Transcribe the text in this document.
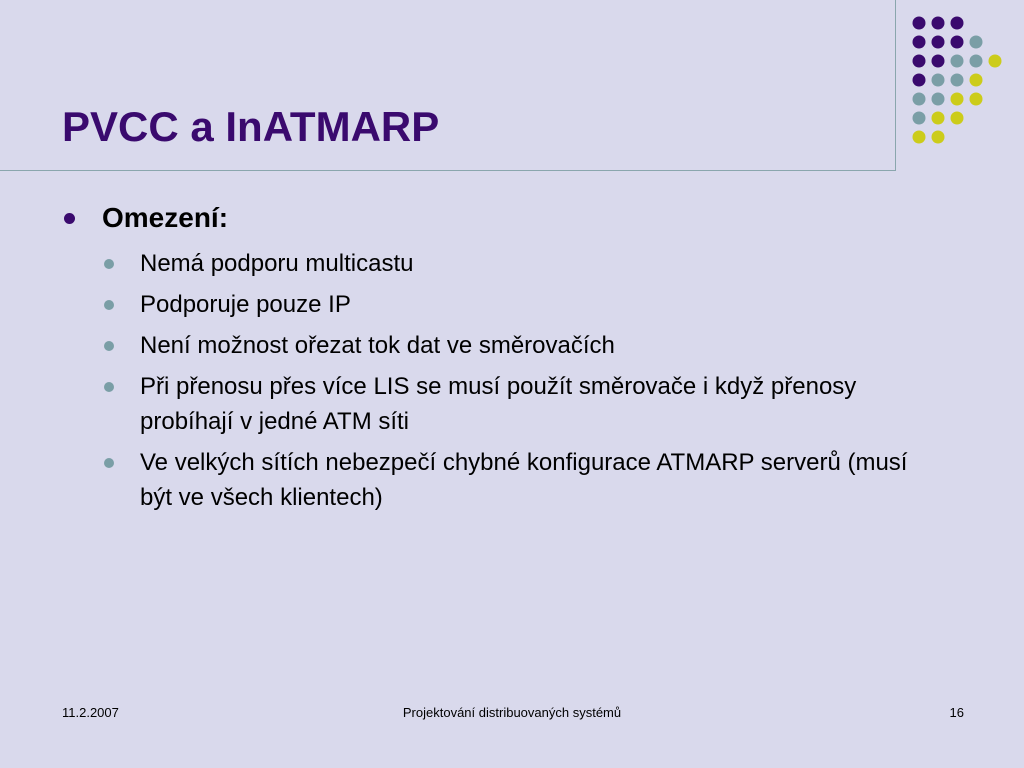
PVCC a InATMARP
Omezení:
Nemá podporu multicastu
Podporuje pouze IP
Není možnost ořezat tok dat ve směrovačích
Při přenosu přes více LIS se musí použít směrovače i když přenosy probíhají v jedné ATM síti
Ve velkých sítích nebezpečí chybné konfigurace ATMARP serverů (musí být ve všech klientech)
11.2.2007	Projektování distribuovaných systémů	16
